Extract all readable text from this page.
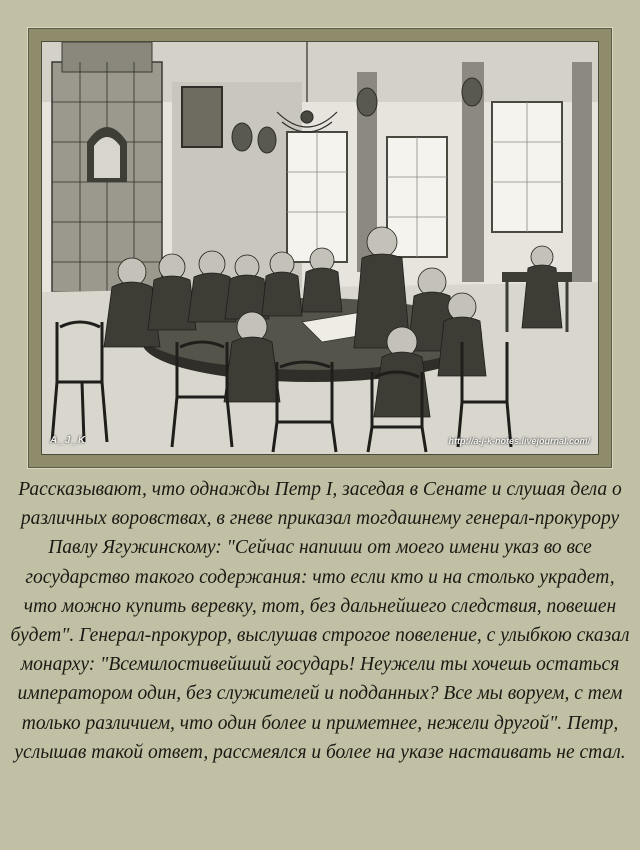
A_J_K	http://a-j-k-notes.livejournal.com/

Рассказывают, что однажды Петр I, заседая в Сенате и слушая дела о различных воровствах, в гневе приказал тогдашнему генерал-прокурору Павлу Ягужинскому: "Сейчас напиши от моего имени указ во все государство такого содержания: что если кто и на столько украдет, что можно купить веревку, тот, без дальнейшего следствия, повешен будет". Генерал-прокурор, выслушав строгое повеление, с улыбкою сказал монарху: "Всемилостивейший государь! Неужели ты хочешь остаться императором один, без служителей и подданных? Все мы воруем, с тем только различием, что один более и приметнее, нежели другой". Петр, услышав такой ответ, рассмеялся и более на указе настаивать не стал.
